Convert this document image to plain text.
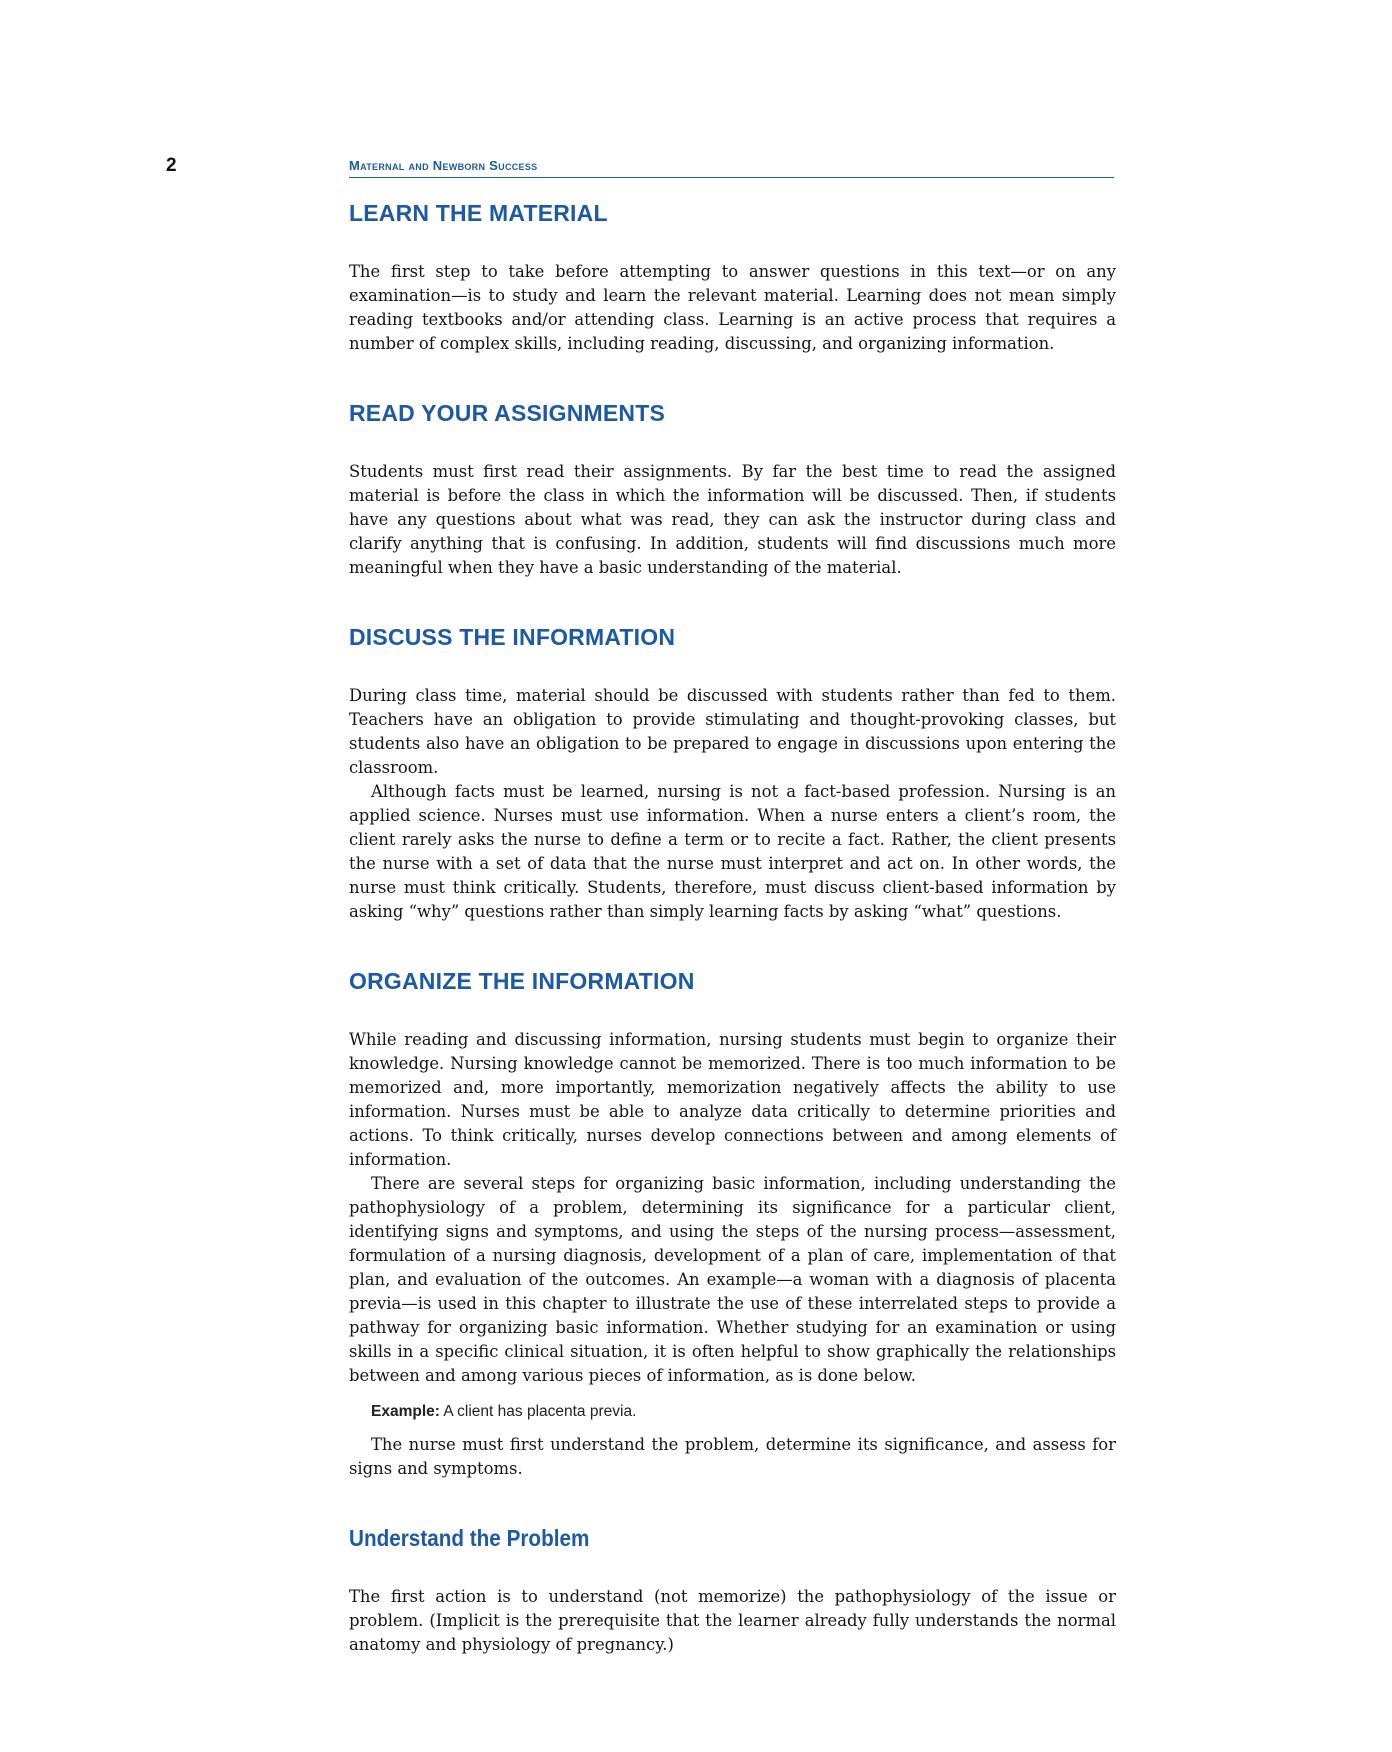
2	Maternal and Newborn Success
LEARN THE MATERIAL

The first step to take before attempting to answer questions in this text—or on any examination—is to study and learn the relevant material. Learning does not mean simply reading textbooks and/or attending class. Learning is an active process that requires a number of complex skills, including reading, discussing, and organizing information.

READ YOUR ASSIGNMENTS

Students must first read their assignments. By far the best time to read the assigned material is before the class in which the information will be discussed. Then, if students have any questions about what was read, they can ask the instructor during class and clarify anything that is confusing. In addition, students will find discussions much more meaningful when they have a basic understanding of the material.

DISCUSS THE INFORMATION

During class time, material should be discussed with students rather than fed to them. Teachers have an obligation to provide stimulating and thought-provoking classes, but students also have an obligation to be prepared to engage in discussions upon entering the classroom.

Although facts must be learned, nursing is not a fact-based profession. Nursing is an applied science. Nurses must use information. When a nurse enters a client’s room, the client rarely asks the nurse to define a term or to recite a fact. Rather, the client presents the nurse with a set of data that the nurse must interpret and act on. In other words, the nurse must think critically. Students, therefore, must discuss client-based information by asking “why” questions rather than simply learning facts by asking “what” questions.

ORGANIZE THE INFORMATION

While reading and discussing information, nursing students must begin to organize their knowledge. Nursing knowledge cannot be memorized. There is too much information to be memorized and, more importantly, memorization negatively affects the ability to use information. Nurses must be able to analyze data critically to determine priorities and actions. To think critically, nurses develop connections between and among elements of information.

There are several steps for organizing basic information, including understanding the pathophysiology of a problem, determining its significance for a particular client, identifying signs and symptoms, and using the steps of the nursing process—assessment, formulation of a nursing diagnosis, development of a plan of care, implementation of that plan, and evaluation of the outcomes. An example—a woman with a diagnosis of placenta previa—is used in this chapter to illustrate the use of these interrelated steps to provide a pathway for organizing basic information. Whether studying for an examination or using skills in a specific clinical situation, it is often helpful to show graphically the relationships between and among various pieces of information, as is done below.

Example: A client has placenta previa.

The nurse must first understand the problem, determine its significance, and assess for signs and symptoms.

Understand the Problem

The first action is to understand (not memorize) the pathophysiology of the issue or problem. (Implicit is the prerequisite that the learner already fully understands the normal anatomy and physiology of pregnancy.)
